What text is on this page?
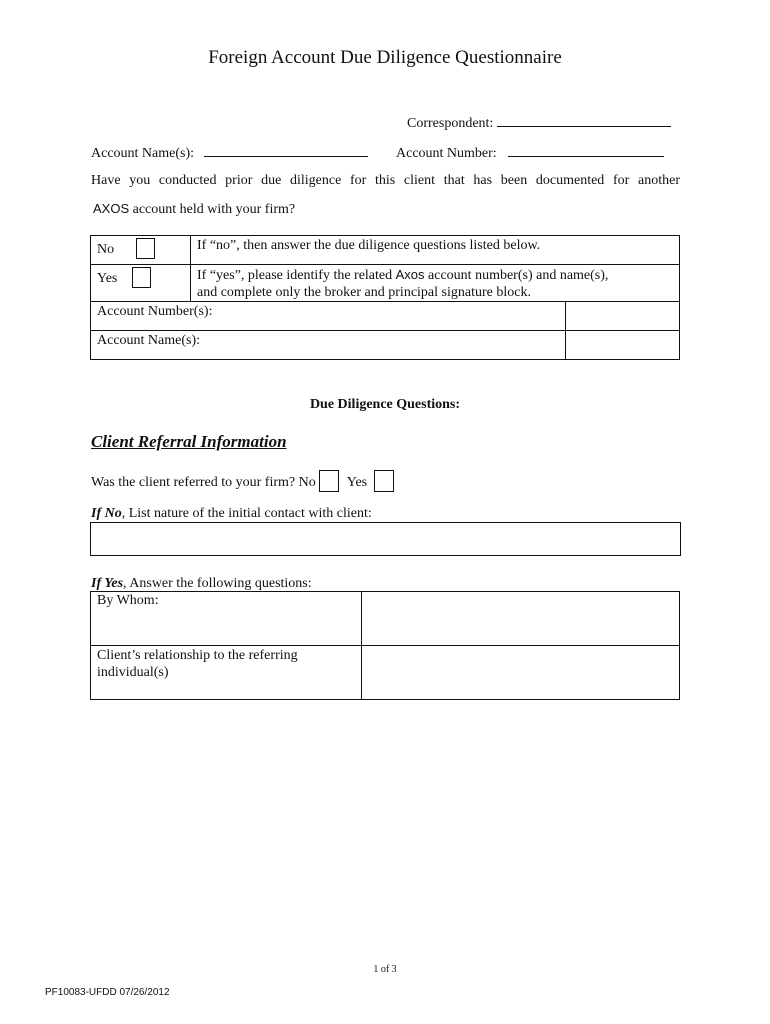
Foreign Account Due Diligence Questionnaire
Correspondent:
Account Name(s):	Account Number:
Have you conducted prior due diligence for this client that has been documented for another
AXOS account held with your firm?
No	If “no”, then answer the due diligence questions listed below.	
Yes	If “yes”, please identify the related Axos account number(s) and name(s),
and complete only the broker and principal signature block.	
Account Number(s):		
Account Name(s):		
Due Diligence Questions:
Client Referral Information
Was the client referred to your firm? No Yes
If No, List nature of the initial contact with client:
If Yes, Answer the following questions:
By Whom:	
Client’s relationship to the referring
individual(s)	
1 of 3
PF10083-UFDD 07/26/2012
